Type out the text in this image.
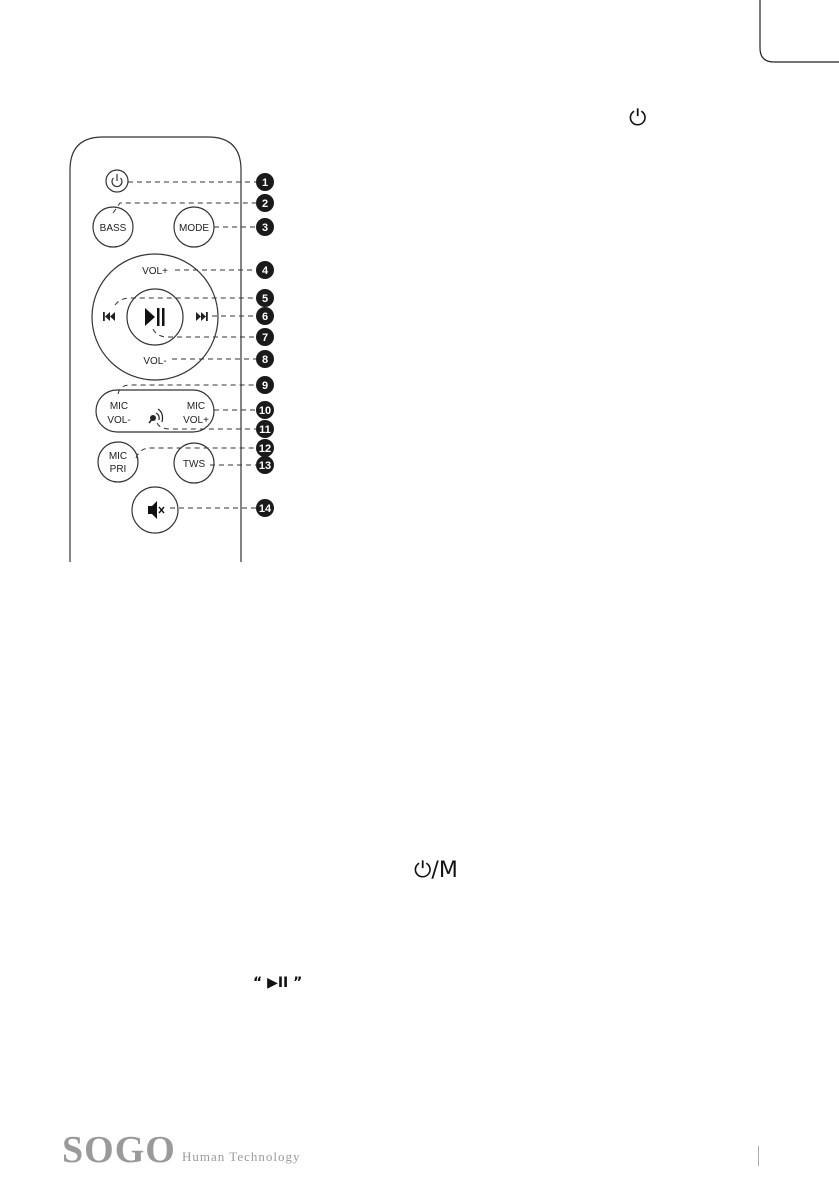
⏻
BASS	MODE
VOL+
VOL-
MIC
VOL-
MIC
VOL+
MIC
PRI	TWS
1
2
3
4
5
6
7
8
9
10
11
12
13
14
⏻/M
“ ▶II ”
SOGO Human Technology
